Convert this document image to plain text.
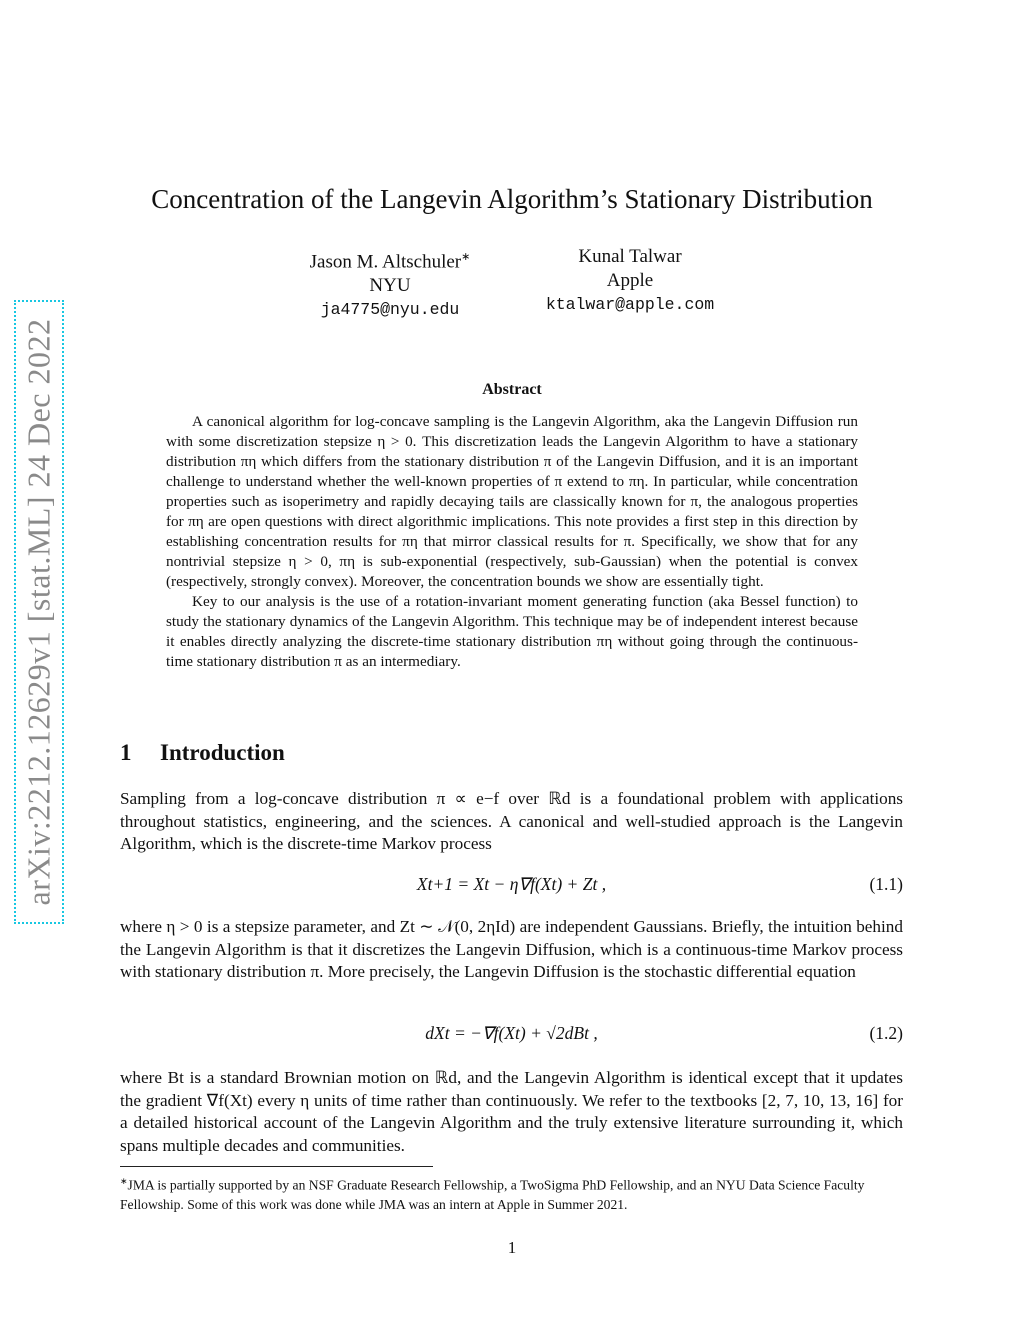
arXiv:2212.12629v1 [stat.ML] 24 Dec 2022
Concentration of the Langevin Algorithm’s Stationary Distribution
Jason M. Altschuler∗
NYU
ja4775@nyu.edu
Kunal Talwar
Apple
ktalwar@apple.com
Abstract

A canonical algorithm for log-concave sampling is the Langevin Algorithm, aka the Langevin Diffusion run with some discretization stepsize η > 0. This discretization leads the Langevin Algorithm to have a stationary distribution πη which differs from the stationary distribution π of the Langevin Diffusion, and it is an important challenge to understand whether the well-known properties of π extend to πη. In particular, while concentration properties such as isoperimetry and rapidly decaying tails are classically known for π, the analogous properties for πη are open questions with direct algorithmic implications. This note provides a first step in this direction by establishing concentration results for πη that mirror classical results for π. Specifically, we show that for any nontrivial stepsize η > 0, πη is sub-exponential (respectively, sub-Gaussian) when the potential is convex (respectively, strongly convex). Moreover, the concentration bounds we show are essentially tight.

Key to our analysis is the use of a rotation-invariant moment generating function (aka Bessel function) to study the stationary dynamics of the Langevin Algorithm. This technique may be of independent interest because it enables directly analyzing the discrete-time stationary distribution πη without going through the continuous-time stationary distribution π as an intermediary.

1 Introduction
Sampling from a log-concave distribution π ∝ e−f over ℝd is a foundational problem with applications throughout statistics, engineering, and the sciences. A canonical and well-studied approach is the Langevin Algorithm, which is the discrete-time Markov process
Xt+1 = Xt − η∇f(Xt) + Zt ,	(1.1)
where η > 0 is a stepsize parameter, and Zt ∼ 𝒩(0, 2ηId) are independent Gaussians. Briefly, the intuition behind the Langevin Algorithm is that it discretizes the Langevin Diffusion, which is a continuous-time Markov process with stationary distribution π. More precisely, the Langevin Diffusion is the stochastic differential equation
dXt = −∇f(Xt) + √2dBt ,	(1.2)
where Bt is a standard Brownian motion on ℝd, and the Langevin Algorithm is identical except that it updates the gradient ∇f(Xt) every η units of time rather than continuously. We refer to the textbooks [2, 7, 10, 13, 16] for a detailed historical account of the Langevin Algorithm and the truly extensive literature surrounding it, which spans multiple decades and communities.
∗JMA is partially supported by an NSF Graduate Research Fellowship, a TwoSigma PhD Fellowship, and an NYU Data Science Faculty Fellowship. Some of this work was done while JMA was an intern at Apple in Summer 2021.
1
